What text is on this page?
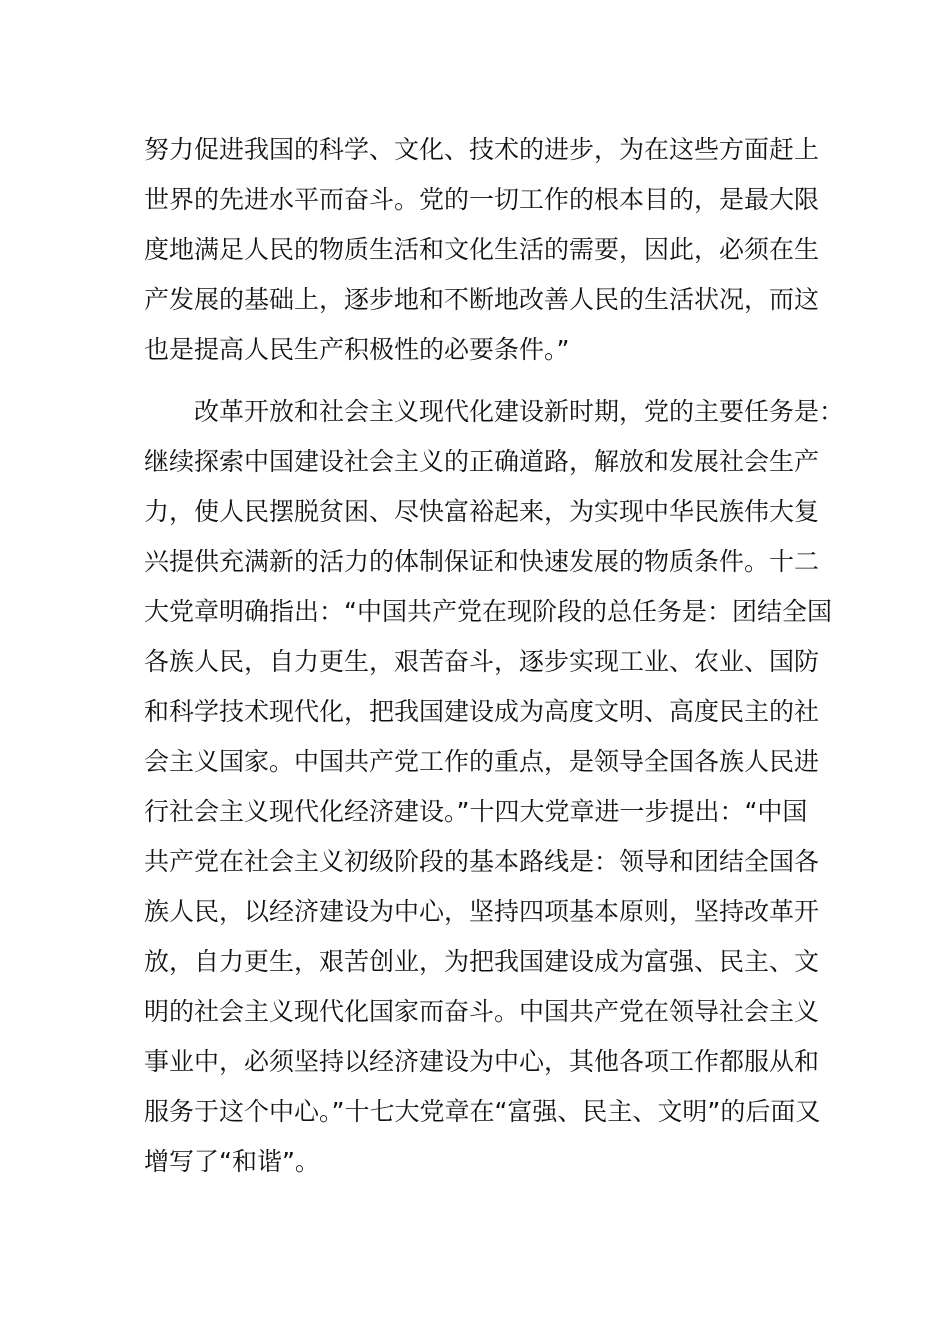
努力促进我国的科学、文化、技术的进步，为在这些方面赶上
世界的先进水平而奋斗。党的一切工作的根本目的，是最大限
度地满足人民的物质生活和文化生活的需要，因此，必须在生
产发展的基础上，逐步地和不断地改善人民的生活状况，而这
也是提高人民生产积极性的必要条件。”
改革开放和社会主义现代化建设新时期，党的主要任务是：
继续探索中国建设社会主义的正确道路，解放和发展社会生产
力，使人民摆脱贫困、尽快富裕起来，为实现中华民族伟大复
兴提供充满新的活力的体制保证和快速发展的物质条件。十二
大党章明确指出：“中国共产党在现阶段的总任务是：团结全国
各族人民，自力更生，艰苦奋斗，逐步实现工业、农业、国防
和科学技术现代化，把我国建设成为高度文明、高度民主的社
会主义国家。中国共产党工作的重点，是领导全国各族人民进
行社会主义现代化经济建设。”十四大党章进一步提出：“中国
共产党在社会主义初级阶段的基本路线是：领导和团结全国各
族人民，以经济建设为中心，坚持四项基本原则，坚持改革开
放，自力更生，艰苦创业，为把我国建设成为富强、民主、文
明的社会主义现代化国家而奋斗。中国共产党在领导社会主义
事业中，必须坚持以经济建设为中心，其他各项工作都服从和
服务于这个中心。”十七大党章在“富强、民主、文明”的后面又
增写了“和谐”。
